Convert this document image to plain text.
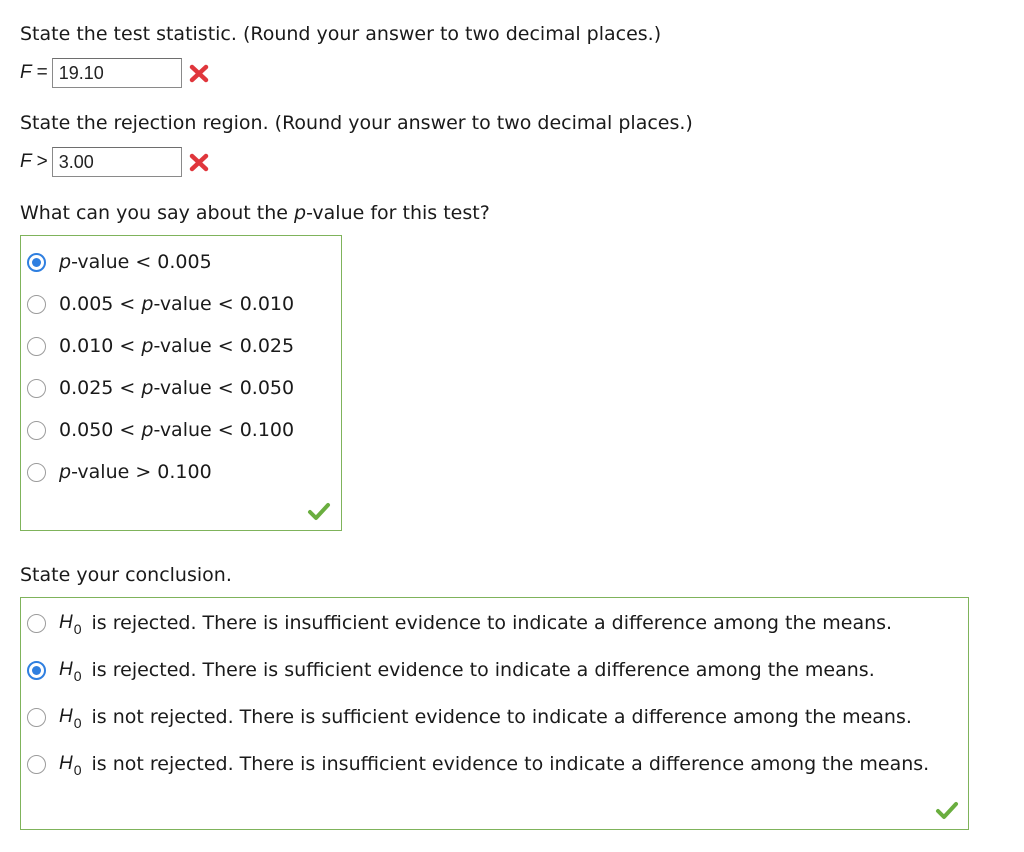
State the test statistic. (Round your answer to two decimal places.)
F = 19.10
State the rejection region. (Round your answer to two decimal places.)
F > 3.00
What can you say about the p-value for this test?
p-value < 0.005
0.005 < p-value < 0.010
0.010 < p-value < 0.025
0.025 < p-value < 0.050
0.050 < p-value < 0.100
p-value > 0.100
State your conclusion.
$H_0$ is rejected. There is insufficient evidence to indicate a difference among the means.
$H_0$ is rejected. There is sufficient evidence to indicate a difference among the means.
$H_0$ is not rejected. There is sufficient evidence to indicate a difference among the means.
$H_0$ is not rejected. There is insufficient evidence to indicate a difference among the means.
